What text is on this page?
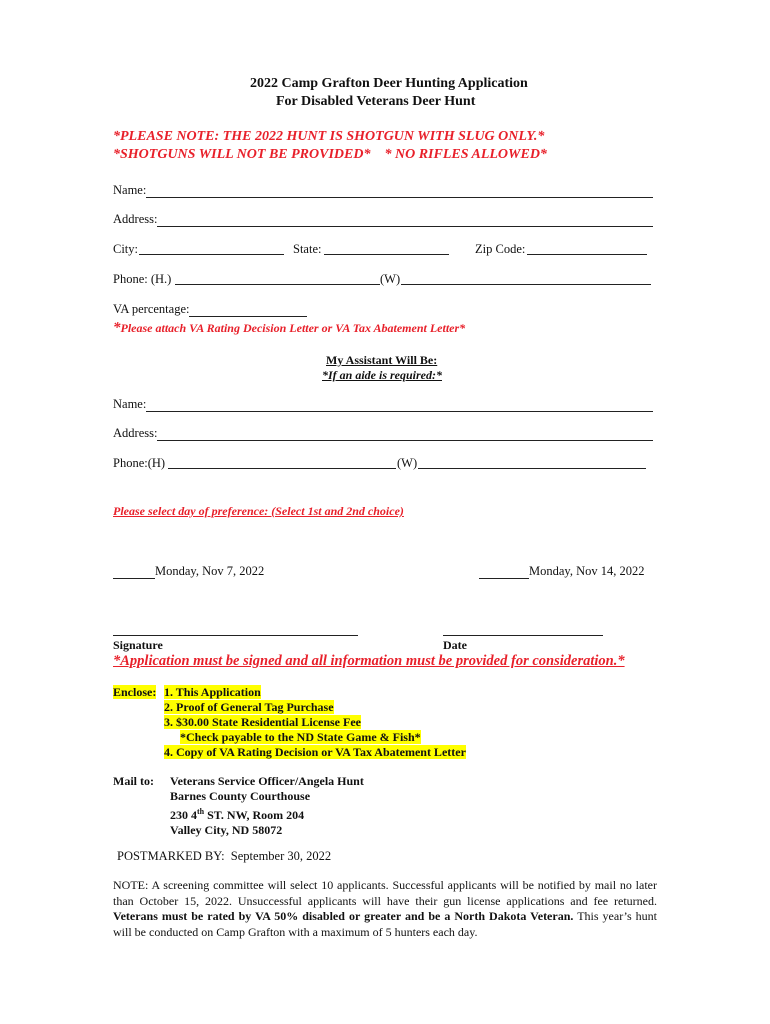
2022 Camp Grafton Deer Hunting Application
For Disabled Veterans Deer Hunt
*PLEASE NOTE: THE 2022 HUNT IS SHOTGUN WITH SLUG ONLY.*
*SHOTGUNS WILL NOT BE PROVIDED*    * NO RIFLES ALLOWED*
Name:
Address:
City:	State:	Zip Code:
Phone: (H.)	(W)
VA percentage:
*Please attach VA Rating Decision Letter or VA Tax Abatement Letter*
My Assistant Will Be:
*If an aide is required:*
Name:
Address:
Phone:(H)	(W)
Please select day of preference: (Select 1st and 2nd choice)
Monday, Nov 7, 2022	Monday, Nov 14, 2022
Signature	Date
*Application must be signed and all information must be provided for consideration.*
Enclose: 1. This Application
2. Proof of General Tag Purchase
3. $30.00 State Residential License Fee
*Check payable to the ND State Game & Fish*
4. Copy of VA Rating Decision or VA Tax Abatement Letter
Mail to: Veterans Service Officer/Angela Hunt
Barnes County Courthouse
230 4th ST. NW, Room 204
Valley City, ND 58072
POSTMARKED BY:  September 30, 2022
NOTE: A screening committee will select 10 applicants. Successful applicants will be notified by mail no later than October 15, 2022. Unsuccessful applicants will have their gun license applications and fee returned. Veterans must be rated by VA 50% disabled or greater and be a North Dakota Veteran. This year’s hunt will be conducted on Camp Grafton with a maximum of 5 hunters each day.
